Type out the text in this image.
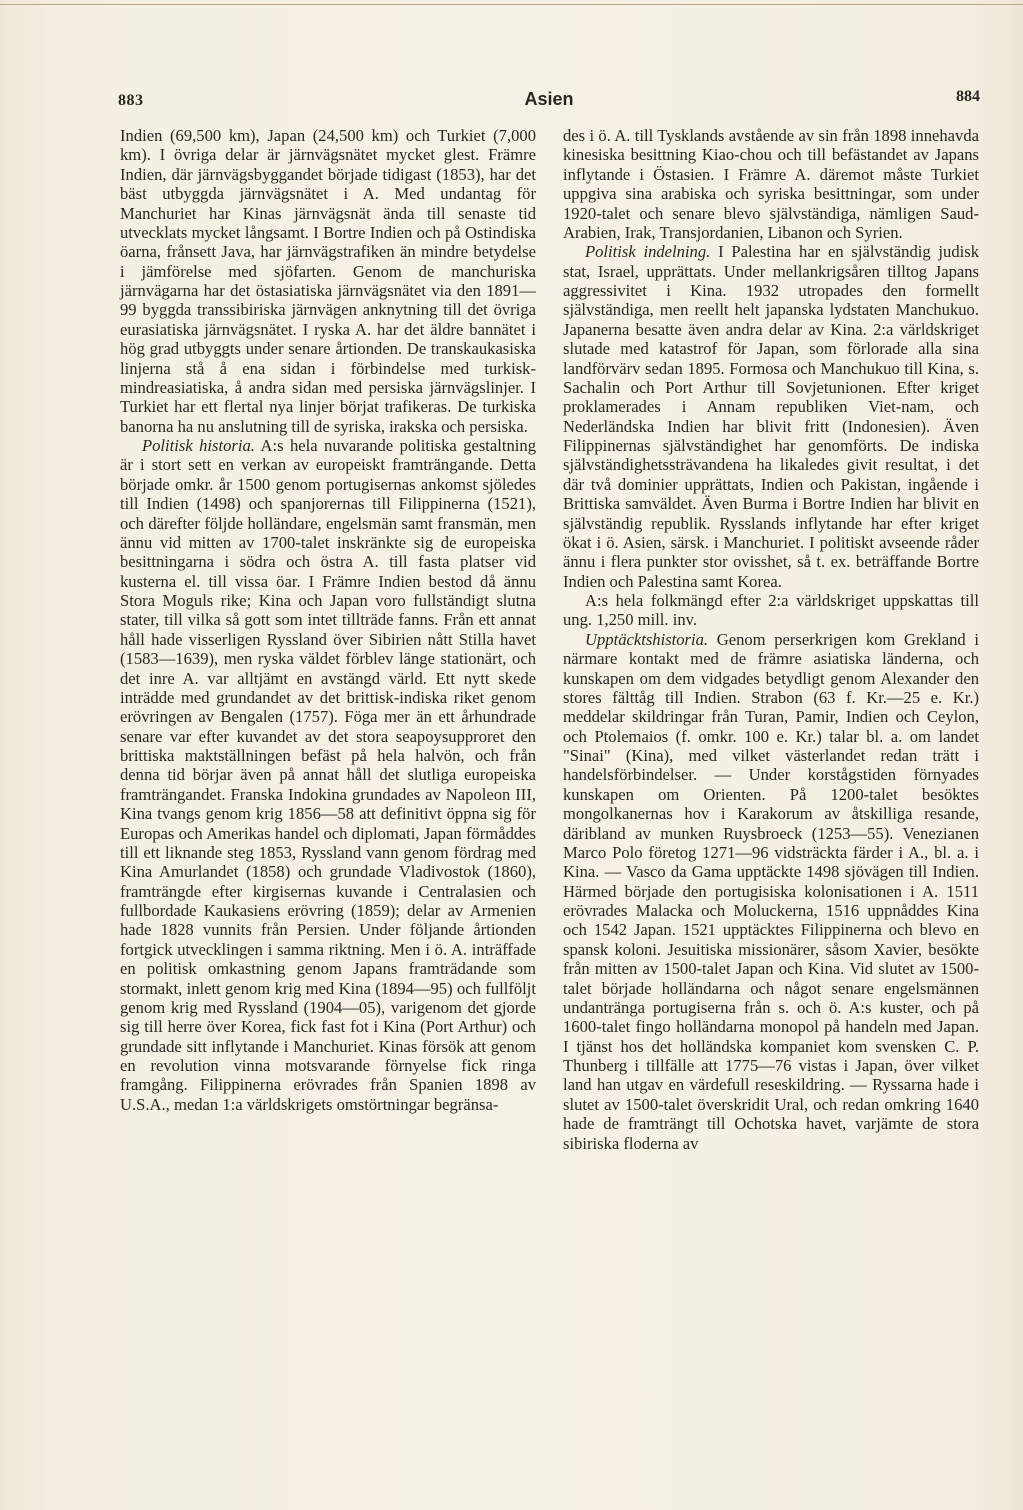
883	Asien	884

Indien (69,500 km), Japan (24,500 km) och Turkiet (7,000 km). I övriga delar är järnvägsnätet mycket glest. Främre Indien, där järnvägsbyggandet började tidigast (1853), har det bäst utbyggda järnvägsnätet i A. Med undantag för Manchuriet har Kinas järnvägsnät ända till senaste tid utvecklats mycket långsamt. I Bortre Indien och på Ostindiska öarna, frånsett Java, har järnvägstrafiken än mindre betydelse i jämförelse med sjöfarten. Genom de manchuriska järnvägarna har det östasiatiska järnvägsnätet via den 1891—99 byggda transsibiriska järnvägen anknytning till det övriga eurasiatiska järnvägsnätet. I ryska A. har det äldre bannätet i hög grad utbyggts under senare årtionden. De transkaukasiska linjerna stå å ena sidan i förbindelse med turkisk-mindreasiatiska, å andra sidan med persiska järnvägslinjer. I Turkiet har ett flertal nya linjer börjat trafikeras. De turkiska banorna ha nu anslutning till de syriska, irakska och persiska.

Politisk historia. A:s hela nuvarande politiska gestaltning är i stort sett en verkan av europeiskt framträngande. Detta började omkr. år 1500 genom portugisernas ankomst sjöledes till Indien (1498) och spanjorernas till Filippinerna (1521), och därefter följde holländare, engelsmän samt fransmän, men ännu vid mitten av 1700-talet inskränkte sig de europeiska besittningarna i södra och östra A. till fasta platser vid kusterna el. till vissa öar. I Främre Indien bestod då ännu Stora Moguls rike; Kina och Japan voro fullständigt slutna stater, till vilka så gott som intet tillträde fanns. Från ett annat håll hade visserligen Ryssland över Sibirien nått Stilla havet (1583—1639), men ryska väldet förblev länge stationärt, och det inre A. var alltjämt en avstängd värld. Ett nytt skede inträdde med grundandet av det brittisk-indiska riket genom erövringen av Bengalen (1757). Föga mer än ett århundrade senare var efter kuvandet av det stora seapoysupproret den brittiska maktställningen befäst på hela halvön, och från denna tid börjar även på annat håll det slutliga europeiska framträngandet. Franska Indokina grundades av Napoleon III, Kina tvangs genom krig 1856—58 att definitivt öppna sig för Europas och Amerikas handel och diplomati, Japan förmåddes till ett liknande steg 1853, Ryssland vann genom fördrag med Kina Amurlandet (1858) och grundade Vladivostok (1860), framträngde efter kirgisernas kuvande i Centralasien och fullbordade Kaukasiens erövring (1859); delar av Armenien hade 1828 vunnits från Persien. Under följande årtionden fortgick utvecklingen i samma riktning. Men i ö. A. inträffade en politisk omkastning genom Japans framträdande som stormakt, inlett genom krig med Kina (1894—95) och fullföljt genom krig med Ryssland (1904—05), varigenom det gjorde sig till herre över Korea, fick fast fot i Kina (Port Arthur) och grundade sitt inflytande i Manchuriet. Kinas försök att genom en revolution vinna motsvarande förnyelse fick ringa framgång. Filippinerna erövrades från Spanien 1898 av U.S.A., medan 1:a världskrigets omstörtningar begränsa-

des i ö. A. till Tysklands avstående av sin från 1898 innehavda kinesiska besittning Kiao-chou och till befästandet av Japans inflytande i Östasien. I Främre A. däremot måste Turkiet uppgiva sina arabiska och syriska besittningar, som under 1920-talet och senare blevo självständiga, nämligen Saud-Arabien, Irak, Transjordanien, Libanon och Syrien.

Politisk indelning. I Palestina har en självständig judisk stat, Israel, upprättats. Under mellankrigsåren tilltog Japans aggressivitet i Kina. 1932 utropades den formellt självständiga, men reellt helt japanska lydstaten Manchukuo. Japanerna besatte även andra delar av Kina. 2:a världskriget slutade med katastrof för Japan, som förlorade alla sina landförvärv sedan 1895. Formosa och Manchukuo till Kina, s. Sachalin och Port Arthur till Sovjetunionen. Efter kriget proklamerades i Annam republiken Viet-nam, och Nederländska Indien har blivit fritt (Indonesien). Även Filippinernas självständighet har genomförts. De indiska självständighetssträvandena ha likaledes givit resultat, i det där två dominier upprättats, Indien och Pakistan, ingående i Brittiska samväldet. Även Burma i Bortre Indien har blivit en självständig republik. Rysslands inflytande har efter kriget ökat i ö. Asien, särsk. i Manchuriet. I politiskt avseende råder ännu i flera punkter stor ovisshet, så t. ex. beträffande Bortre Indien och Palestina samt Korea.

A:s hela folkmängd efter 2:a världskriget uppskattas till ung. 1,250 mill. inv.

Upptäcktshistoria. Genom perserkrigen kom Grekland i närmare kontakt med de främre asiatiska länderna, och kunskapen om dem vidgades betydligt genom Alexander den stores fälttåg till Indien. Strabon (63 f. Kr.—25 e. Kr.) meddelar skildringar från Turan, Pamir, Indien och Ceylon, och Ptolemaios (f. omkr. 100 e. Kr.) talar bl. a. om landet "Sinai" (Kina), med vilket västerlandet redan trätt i handelsförbindelser. — Under korstågstiden förnyades kunskapen om Orienten. På 1200-talet besöktes mongolkanernas hov i Karakorum av åtskilliga resande, däribland av munken Ruysbroeck (1253—55). Venezianen Marco Polo företog 1271—96 vidsträckta färder i A., bl. a. i Kina. — Vasco da Gama upptäckte 1498 sjövägen till Indien. Härmed började den portugisiska kolonisationen i A. 1511 erövrades Malacka och Moluckerna, 1516 uppnåddes Kina och 1542 Japan. 1521 upptäcktes Filippinerna och blevo en spansk koloni. Jesuitiska missionärer, såsom Xavier, besökte från mitten av 1500-talet Japan och Kina. Vid slutet av 1500-talet började holländarna och något senare engelsmännen undantränga portugiserna från s. och ö. A:s kuster, och på 1600-talet fingo holländarna monopol på handeln med Japan. I tjänst hos det holländska kompaniet kom svensken C. P. Thunberg i tillfälle att 1775—76 vistas i Japan, över vilket land han utgav en värdefull reseskildring. — Ryssarna hade i slutet av 1500-talet överskridit Ural, och redan omkring 1640 hade de framträngt till Ochotska havet, varjämte de stora sibiriska floderna av
